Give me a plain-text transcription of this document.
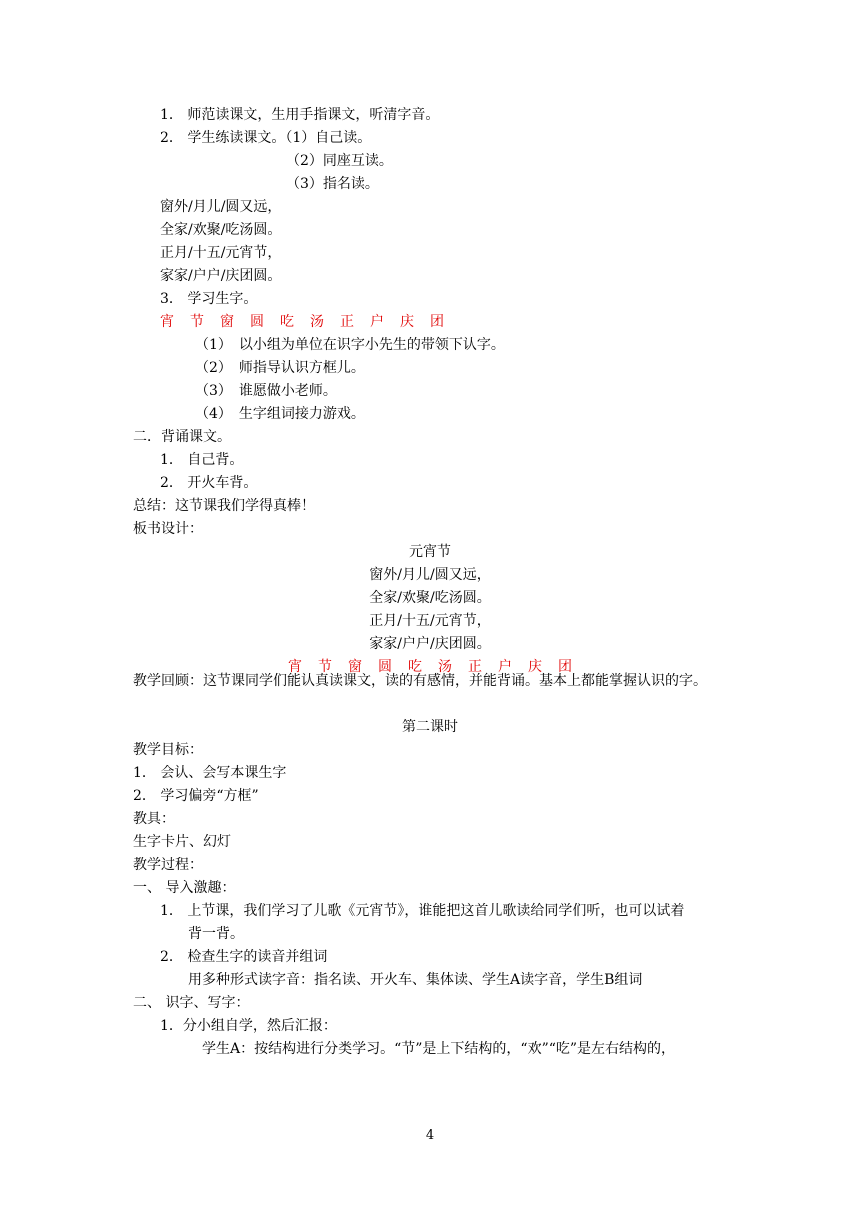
1． 师范读课文，生用手指课文，听清字音。
2． 学生练读课文。（1）自己读。
（2）同座互读。
（3）指名读。
窗外/月儿/圆又远，
全家/欢聚/吃汤圆。
正月/十五/元宵节，
家家/户户/庆团圆。
3． 学习生字。
宵 节 窗 圆 吃 汤 正 户 庆 团
（1）　以小组为单位在识字小先生的带领下认字。
（2）　师指导认识方框儿。
（3）　谁愿做小老师。
（4）　生字组词接力游戏。
二．背诵课文。
1． 自己背。
2． 开火车背。
总结：这节课我们学得真棒！
板书设计：
元宵节
窗外/月儿/圆又远，
全家/欢聚/吃汤圆。
正月/十五/元宵节，
家家/户户/庆团圆。
宵 节 窗 圆 吃 汤 正 户 庆 团
教学回顾：这节课同学们能认真读课文，读的有感情，并能背诵。基本上都能掌握认识的字。
第二课时
教学目标：
1． 会认、会写本课生字
2． 学习偏旁“方框”
教具：
生字卡片、幻灯
教学过程：
一、 导入激趣：
1． 上节课，我们学习了儿歌《元宵节》，谁能把这首儿歌读给同学们听，也可以试着
背一背。
2． 检查生字的读音并组词
用多种形式读字音：指名读、开火车、集体读、学生A读字音，学生B组词
二、 识字、写字：
1．分小组自学，然后汇报：
学生A：按结构进行分类学习。“节”是上下结构的，“欢”“吃”是左右结构的，
4
